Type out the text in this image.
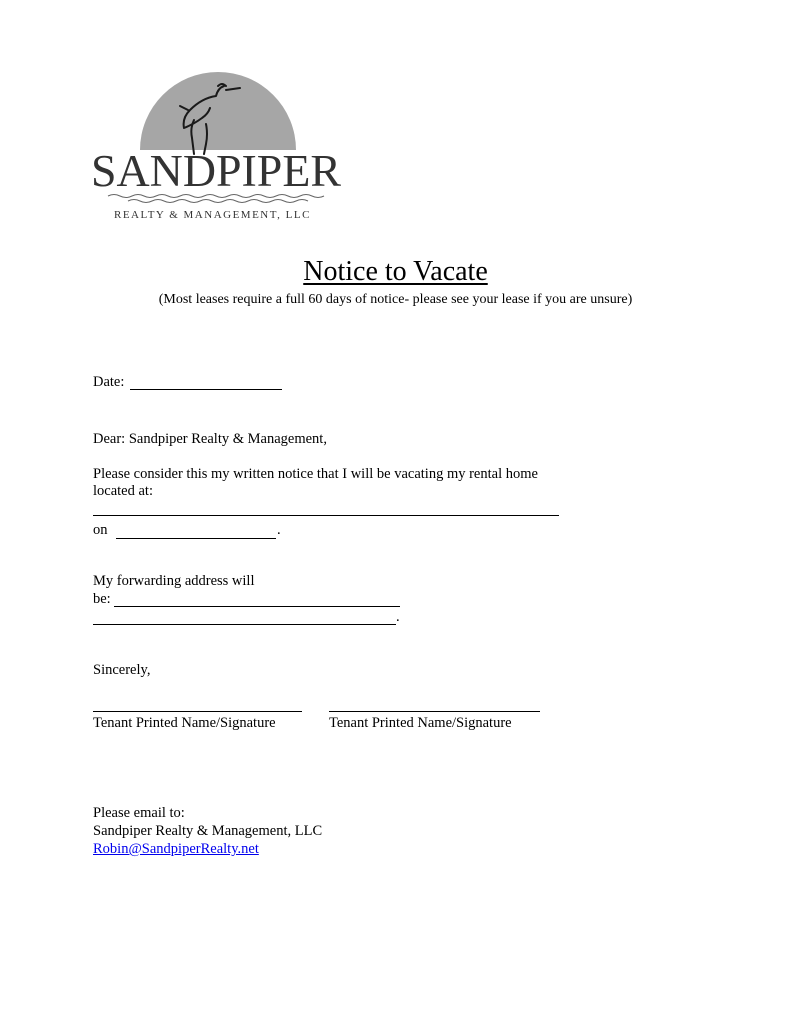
SANDPIPER
REALTY & MANAGEMENT, LLC
Notice to Vacate
(Most leases require a full 60 days of notice- please see your lease if you are unsure)
Date:
Dear: Sandpiper Realty & Management,
Please consider this my written notice that I will be vacating my rental home
located at:
on	.
My forwarding address will
be:
.
Sincerely,
Tenant Printed Name/Signature	Tenant Printed Name/Signature
Please email to:
Sandpiper Realty & Management, LLC
Robin@SandpiperRealty.net
